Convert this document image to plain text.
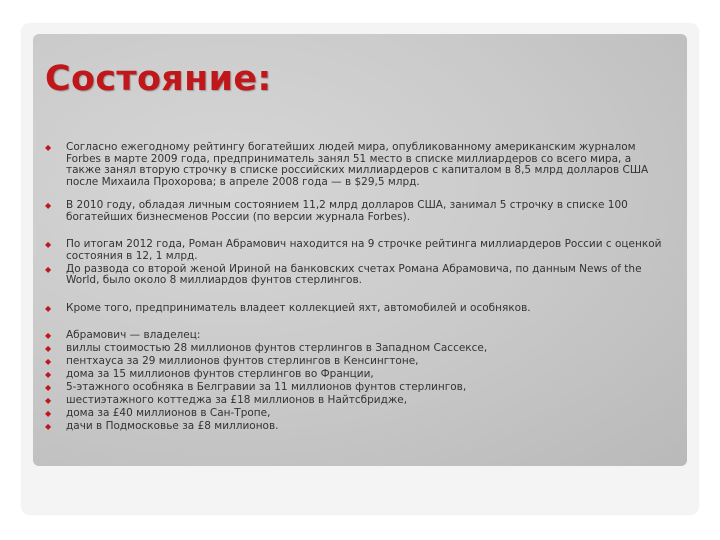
Состояние:
◆ Согласно ежегодному рейтингу богатейших людей мира, опубликованному американским журналом Forbes в марте 2009 года, предприниматель занял 51 место в списке миллиардеров со всего мира, а также занял вторую строчку в списке российских миллиардеров с капиталом в 8,5 млрд долларов США после Михаила Прохорова; в апреле 2008 года — в $29,5 млрд.
◆ В 2010 году, обладая личным состоянием 11,2 млрд долларов США, занимал 5 строчку в списке 100 богатейших бизнесменов России (по версии журнала Forbes).
◆ По итогам 2012 года, Роман Абрамович находится на 9 строчке рейтинга миллиардеров России с оценкой состояния в 12, 1 млрд.
◆ До развода со второй женой Ириной на банковских счетах Романа Абрамовича, по данным News of the World, было около 8 миллиардов фунтов стерлингов.
◆ Кроме того, предприниматель владеет коллекцией яхт, автомобилей и особняков.
◆ Абрамович — владелец:
◆ виллы стоимостью 28 миллионов фунтов стерлингов в Западном Сассексе,
◆ пентхауса за 29 миллионов фунтов стерлингов в Кенсингтоне,
◆ дома за 15 миллионов фунтов стерлингов во Франции,
◆ 5-этажного особняка в Белгравии за 11 миллионов фунтов стерлингов,
◆ шестиэтажного коттеджа за £18 миллионов в Найтсбридже,
◆ дома за £40 миллионов в Сан-Тропе,
◆ дачи в Подмосковье за £8 миллионов.
